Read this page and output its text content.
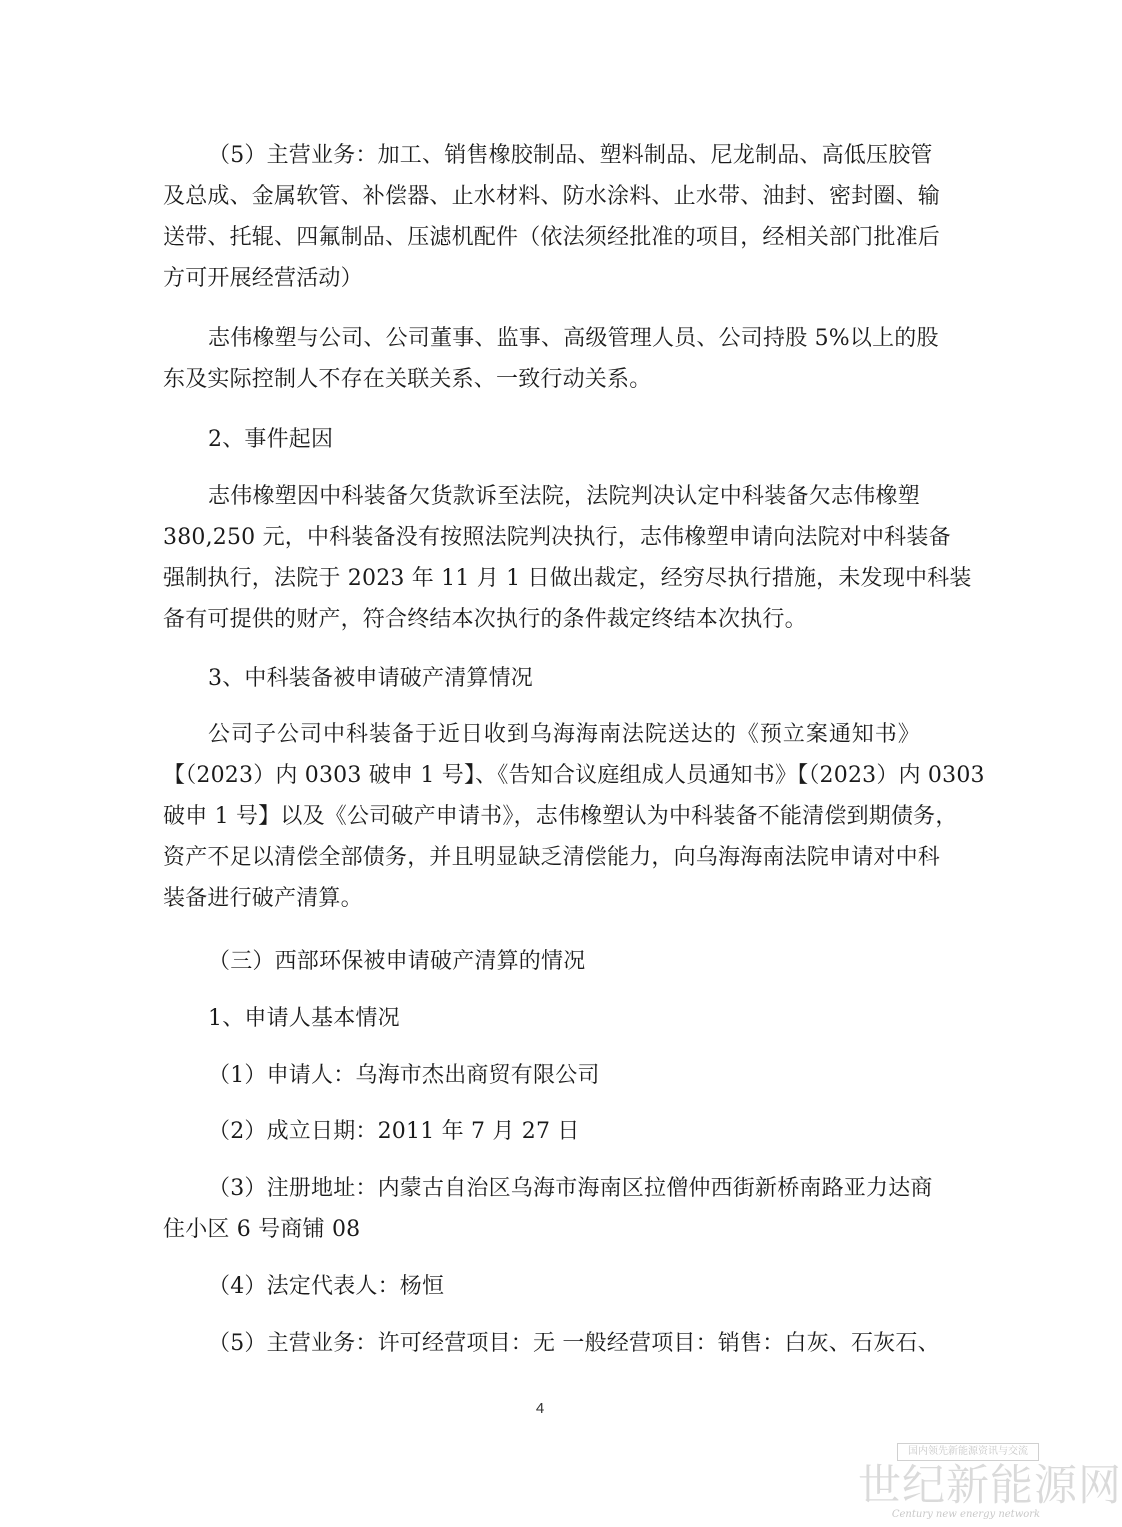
（5）主营业务：加工、销售橡胶制品、塑料制品、尼龙制品、高低压胶管
及总成、金属软管、补偿器、止水材料、防水涂料、止水带、油封、密封圈、输
送带、托辊、四氟制品、压滤机配件（依法须经批准的项目，经相关部门批准后
方可开展经营活动）
志伟橡塑与公司、公司董事、监事、高级管理人员、公司持股 5%以上的股
东及实际控制人不存在关联关系、一致行动关系。
2、事件起因
志伟橡塑因中科装备欠货款诉至法院，法院判决认定中科装备欠志伟橡塑
380,250 元，中科装备没有按照法院判决执行，志伟橡塑申请向法院对中科装备
强制执行，法院于 2023 年 11 月 1 日做出裁定，经穷尽执行措施，未发现中科装
备有可提供的财产，符合终结本次执行的条件裁定终结本次执行。
3、中科装备被申请破产清算情况
公司子公司中科装备于近日收到乌海海南法院送达的《预立案通知书》
【（2023）内 0303 破申 1 号】、《告知合议庭组成人员通知书》【（2023）内 0303
破申 1 号】以及《公司破产申请书》，志伟橡塑认为中科装备不能清偿到期债务，
资产不足以清偿全部债务，并且明显缺乏清偿能力，向乌海海南法院申请对中科
装备进行破产清算。
（三）西部环保被申请破产清算的情况
1、申请人基本情况
（1）申请人：乌海市杰出商贸有限公司
（2）成立日期：2011 年 7 月 27 日
（3）注册地址：内蒙古自治区乌海市海南区拉僧仲西街新桥南路亚力达商
住小区 6 号商铺 08
（4）法定代表人：杨恒
（5）主营业务：许可经营项目：无 一般经营项目：销售：白灰、石灰石、
4
国内领先新能源资讯与交流
世纪新能源网
Century new energy network
